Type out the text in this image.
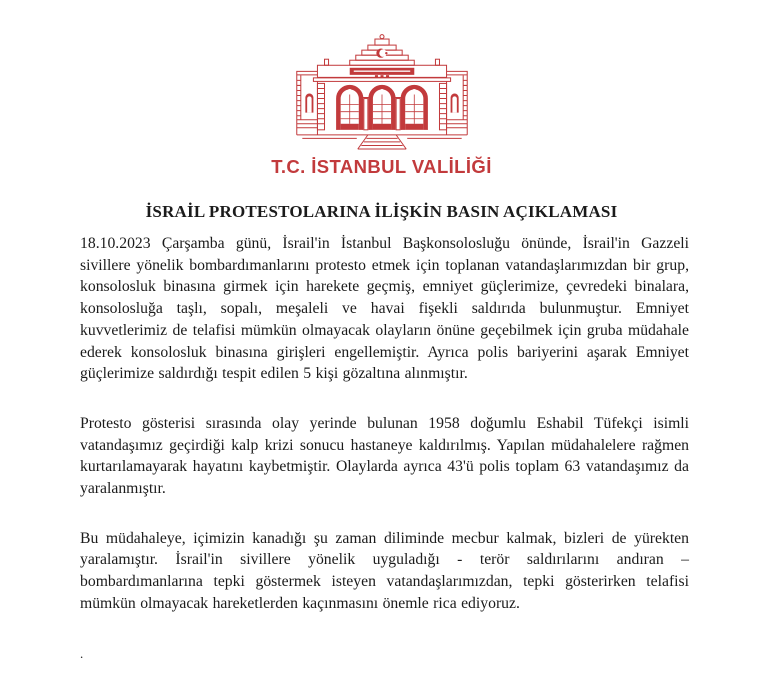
T.C. İSTANBUL VALİLİĞİ
İSRAİL PROTESTOLARINA İLİŞKİN BASIN AÇIKLAMASI

18.10.2023 Çarşamba günü, İsrail'in İstanbul Başkonsolosluğu önünde, İsrail'in Gazzeli sivillere yönelik bombardımanlarını protesto etmek için toplanan vatandaşlarımızdan bir grup, konsolosluk binasına girmek için harekete geçmiş, emniyet güçlerimize, çevredeki binalara, konsolosluğa taşlı, sopalı, meşaleli ve havai fişekli saldırıda bulunmuştur. Emniyet kuvvetlerimiz de telafisi mümkün olmayacak olayların önüne geçebilmek için gruba müdahale ederek konsolosluk binasına girişleri engellemiştir. Ayrıca polis bariyerini aşarak Emniyet güçlerimize saldırdığı tespit edilen 5 kişi gözaltına alınmıştır.

Protesto gösterisi sırasında olay yerinde bulunan 1958 doğumlu Eshabil Tüfekçi isimli vatandaşımız geçirdiği kalp krizi sonucu hastaneye kaldırılmış. Yapılan müdahalelere rağmen kurtarılamayarak hayatını kaybetmiştir. Olaylarda ayrıca 43'ü polis toplam 63 vatandaşımız da yaralanmıştır.

Bu müdahaleye, içimizin kanadığı şu zaman diliminde mecbur kalmak, bizleri de yürekten yaralamıştır. İsrail'in sivillere yönelik uyguladığı - terör saldırılarını andıran – bombardımanlarına tepki göstermek isteyen vatandaşlarımızdan, tepki gösterirken telafisi mümkün olmayacak hareketlerden kaçınmasını önemle rica ediyoruz.

.
